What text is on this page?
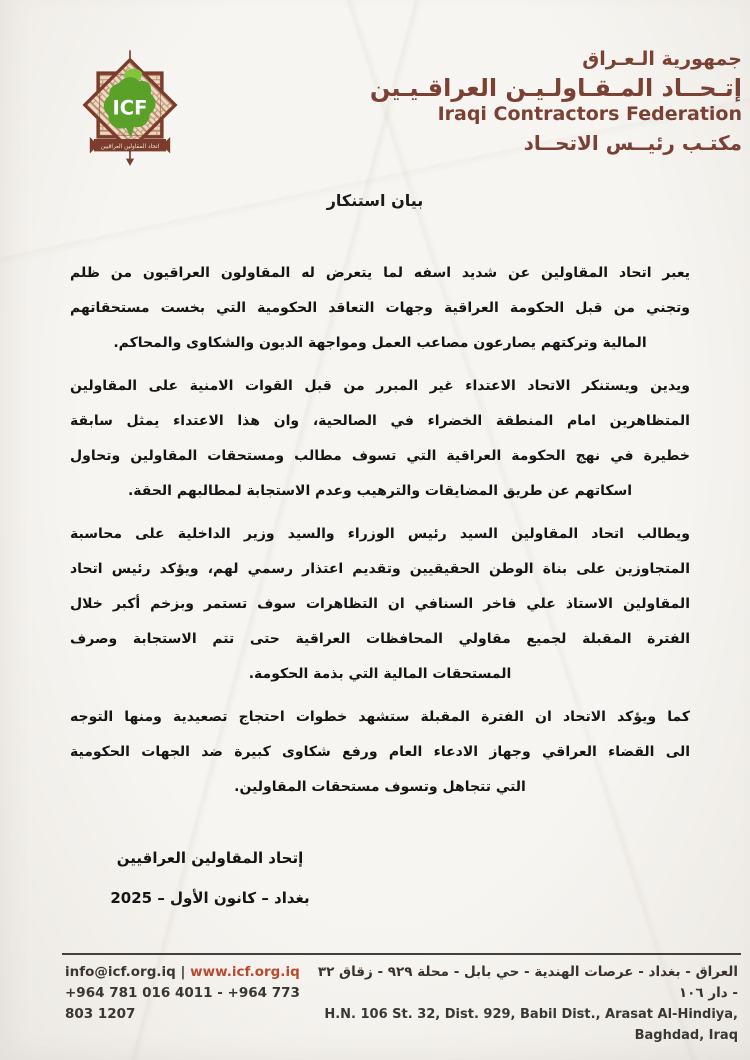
ICF
اتحاد المقاولين العراقيين
جمهورية الـعـراق
إتـحــاد المـقـاولـيـن العراقـيـين
Iraqi Contractors Federation
مكتـب رئيــس الاتحــاد
بيان استنكار
يعبر اتحاد المقاولين عن شديد اسفه لما يتعرض له المقاولون العراقيون من ظلم
وتجني من قبل الحكومة العراقية وجهات التعاقد الحكومية التي بخست مستحقاتهم
المالية وتركتهم يصارعون مصاعب العمل ومواجهة الديون والشكاوى والمحاكم.
ويدين ويستنكر الاتحاد الاعتداء غير المبرر من قبل القوات الامنية على المقاولين
المتظاهرين امام المنطقة الخضراء في الصالحية، وان هذا الاعتداء يمثل سابقة
خطيرة في نهج الحكومة العراقية التي تسوف مطالب ومستحقات المقاولين وتحاول
اسكاتهم عن طريق المضايقات والترهيب وعدم الاستجابة لمطالبهم الحقة.
ويطالب اتحاد المقاولين السيد رئيس الوزراء والسيد وزير الداخلية على محاسبة
المتجاوزين على بناة الوطن الحقيقيين وتقديم اعتذار رسمي لهم، ويؤكد رئيس اتحاد
المقاولين الاستاذ علي فاخر السنافي ان التظاهرات سوف تستمر وبزخم أكبر خلال
الفترة المقبلة لجميع مقاولي المحافظات العراقية حتى تتم الاستجابة وصرف
المستحقات المالية التي بذمة الحكومة.
كما ويؤكد الاتحاد ان الفترة المقبلة ستشهد خطوات احتجاج تصعيدية ومنها التوجه
الى القضاء العراقي وجهاز الادعاء العام ورفع شكاوى كبيرة ضد الجهات الحكومية
التي تتجاهل وتسوف مستحقات المقاولين.
إتحاد المقاولين العراقيين
بغداد – كانون الأول – 2025
info@icf.org.iq | www.icf.org.iq
+964 781 016 4011 - +964 773 803 1207
العراق - بغداد - عرصات الهندية - حي بابل - محلة ٩٢٩ - زقاق ٣٢ - دار ١٠٦
H.N. 106 St. 32, Dist. 929, Babil Dist., Arasat Al-Hindiya, Baghdad, Iraq
